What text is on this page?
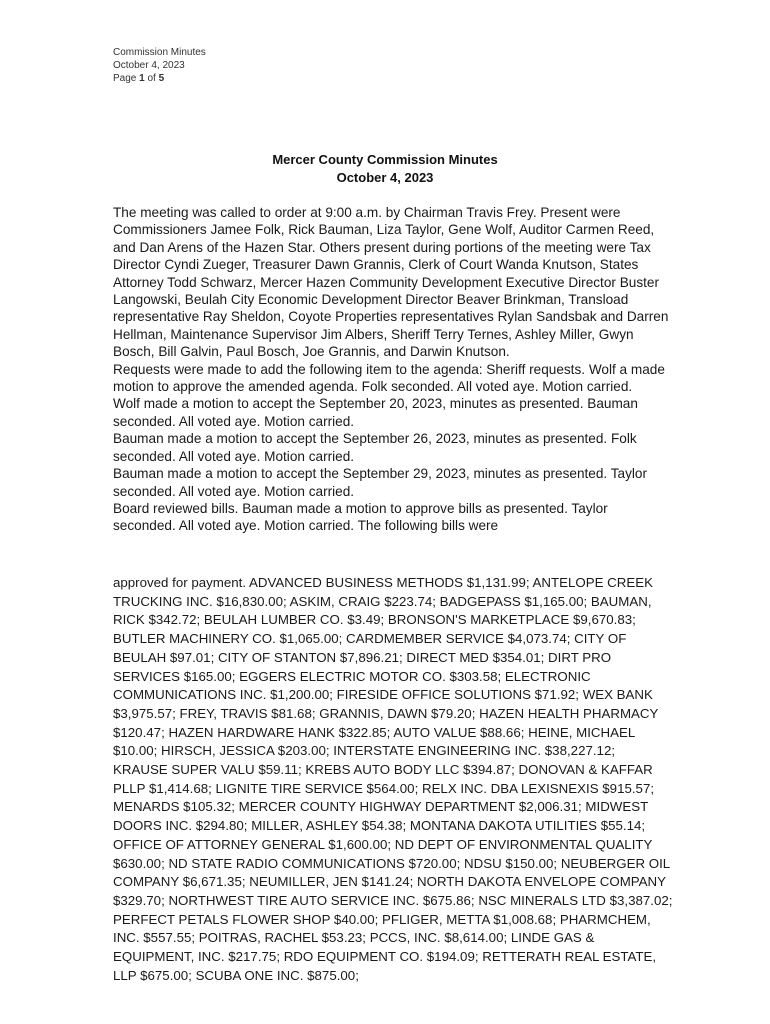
Commission Minutes
October 4, 2023
Page 1 of 5
Mercer County Commission Minutes
October 4, 2023

The meeting was called to order at 9:00 a.m. by Chairman Travis Frey. Present were Commissioners Jamee Folk, Rick Bauman, Liza Taylor, Gene Wolf, Auditor Carmen Reed, and Dan Arens of the Hazen Star. Others present during portions of the meeting were Tax Director Cyndi Zueger, Treasurer Dawn Grannis, Clerk of Court Wanda Knutson, States Attorney Todd Schwarz, Mercer Hazen Community Development Executive Director Buster Langowski, Beulah City Economic Development Director Beaver Brinkman, Transload representative Ray Sheldon, Coyote Properties representatives Rylan Sandsbak and Darren Hellman, Maintenance Supervisor Jim Albers, Sheriff Terry Ternes, Ashley Miller, Gwyn Bosch, Bill Galvin, Paul Bosch, Joe Grannis, and Darwin Knutson.

Requests were made to add the following item to the agenda: Sheriff requests. Wolf a made motion to approve the amended agenda. Folk seconded. All voted aye. Motion carried.

Wolf made a motion to accept the September 20, 2023, minutes as presented. Bauman seconded. All voted aye. Motion carried.

Bauman made a motion to accept the September 26, 2023, minutes as presented. Folk seconded. All voted aye. Motion carried.

Bauman made a motion to accept the September 29, 2023, minutes as presented. Taylor seconded. All voted aye. Motion carried.

Board reviewed bills. Bauman made a motion to approve bills as presented. Taylor seconded. All voted aye. Motion carried. The following bills were

approved for payment. ADVANCED BUSINESS METHODS $1,131.99; ANTELOPE CREEK TRUCKING INC. $16,830.00; ASKIM, CRAIG $223.74; BADGEPASS $1,165.00; BAUMAN, RICK $342.72; BEULAH LUMBER CO. $3.49; BRONSON'S MARKETPLACE $9,670.83; BUTLER MACHINERY CO. $1,065.00; CARDMEMBER SERVICE $4,073.74; CITY OF BEULAH $97.01; CITY OF STANTON $7,896.21; DIRECT MED $354.01; DIRT PRO SERVICES $165.00; EGGERS ELECTRIC MOTOR CO. $303.58; ELECTRONIC COMMUNICATIONS INC. $1,200.00; FIRESIDE OFFICE SOLUTIONS $71.92; WEX BANK $3,975.57; FREY, TRAVIS $81.68; GRANNIS, DAWN $79.20; HAZEN HEALTH PHARMACY $120.47; HAZEN HARDWARE HANK $322.85; AUTO VALUE $88.66; HEINE, MICHAEL $10.00; HIRSCH, JESSICA $203.00; INTERSTATE ENGINEERING INC. $38,227.12; KRAUSE SUPER VALU $59.11; KREBS AUTO BODY LLC $394.87; DONOVAN & KAFFAR PLLP $1,414.68; LIGNITE TIRE SERVICE $564.00; RELX INC. DBA LEXISNEXIS $915.57; MENARDS $105.32; MERCER COUNTY HIGHWAY DEPARTMENT $2,006.31; MIDWEST DOORS INC. $294.80; MILLER, ASHLEY $54.38; MONTANA DAKOTA UTILITIES $55.14; OFFICE OF ATTORNEY GENERAL $1,600.00; ND DEPT OF ENVIRONMENTAL QUALITY $630.00; ND STATE RADIO COMMUNICATIONS $720.00; NDSU $150.00; NEUBERGER OIL COMPANY $6,671.35; NEUMILLER, JEN $141.24; NORTH DAKOTA ENVELOPE COMPANY $329.70; NORTHWEST TIRE AUTO SERVICE INC. $675.86; NSC MINERALS LTD $3,387.02; PERFECT PETALS FLOWER SHOP $40.00; PFLIGER, METTA $1,008.68; PHARMCHEM, INC. $557.55; POITRAS, RACHEL $53.23; PCCS, INC. $8,614.00; LINDE GAS & EQUIPMENT, INC. $217.75; RDO EQUIPMENT CO. $194.09; RETTERATH REAL ESTATE, LLP $675.00; SCUBA ONE INC. $875.00;
